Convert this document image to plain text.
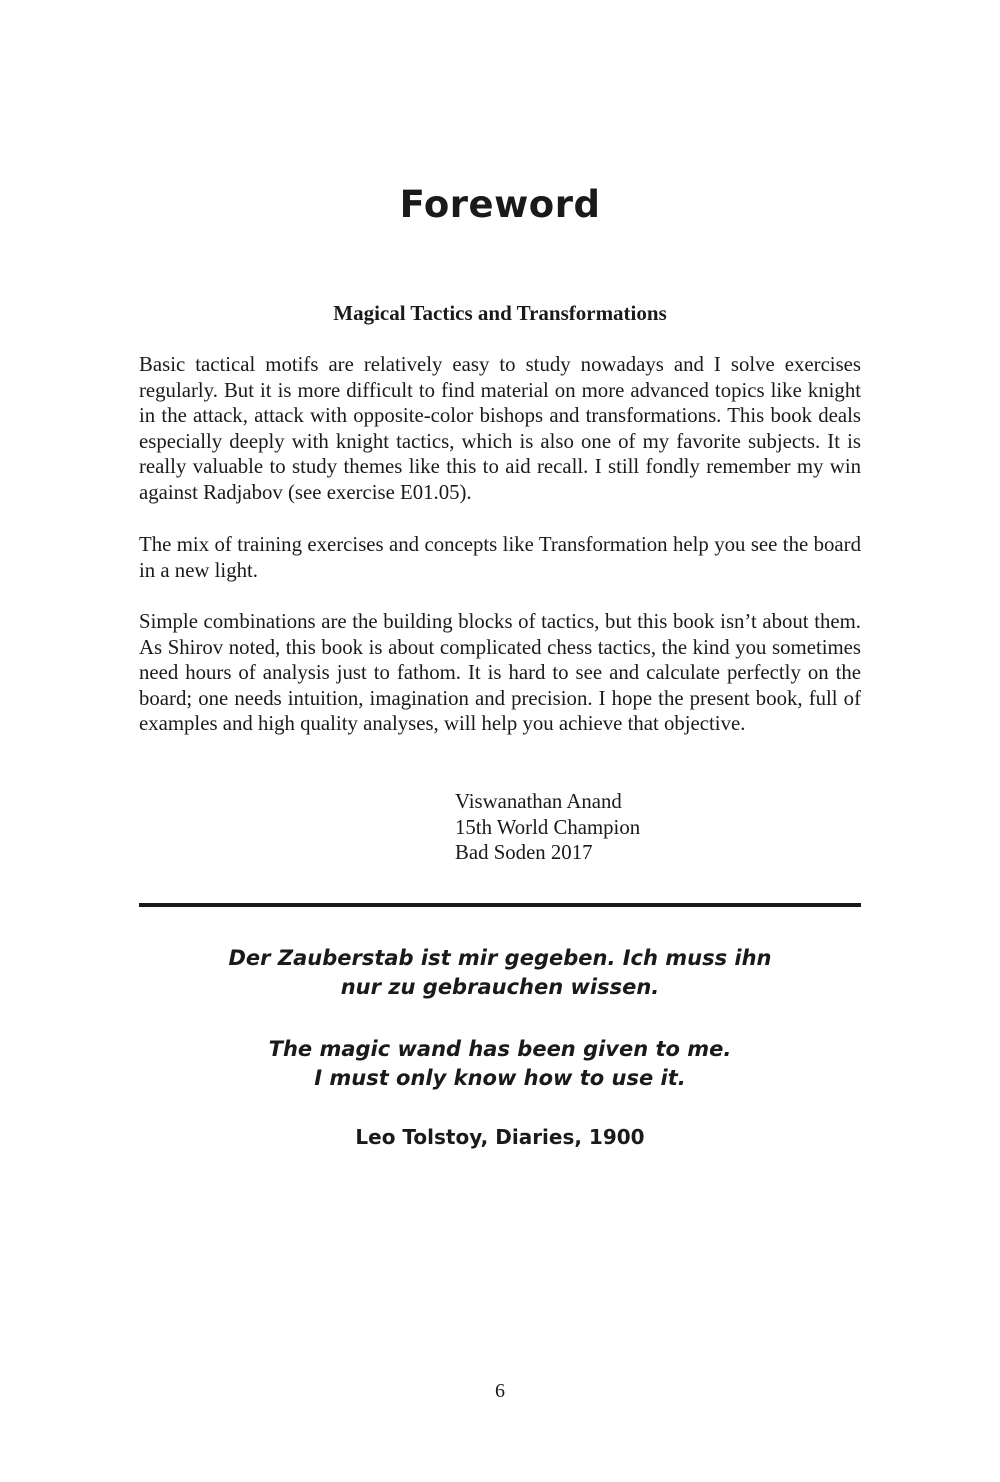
Foreword
Magical Tactics and Transformations

Basic tactical motifs are relatively easy to study nowadays and I solve exercises regularly. But it is more difficult to find material on more advanced topics like knight in the attack, attack with opposite-color bishops and transformations. This book deals especially deeply with knight tactics, which is also one of my favorite subjects. It is really valuable to study themes like this to aid recall. I still fondly remember my win against Radjabov (see exercise E01.05).

The mix of training exercises and concepts like Transformation help you see the board in a new light.

Simple combinations are the building blocks of tactics, but this book isn’t about them. As Shirov noted, this book is about complicated chess tactics, the kind you sometimes need hours of analysis just to fathom. It is hard to see and calculate perfectly on the board; one needs intuition, imagination and precision. I hope the present book, full of examples and high quality analyses, will help you achieve that objective.

Viswanathan Anand
15th World Champion
Bad Soden 2017
Der Zauberstab ist mir gegeben. Ich muss ihn
nur zu gebrauchen wissen.
The magic wand has been given to me.
I must only know how to use it.

Leo Tolstoy, Diaries, 1900

6
